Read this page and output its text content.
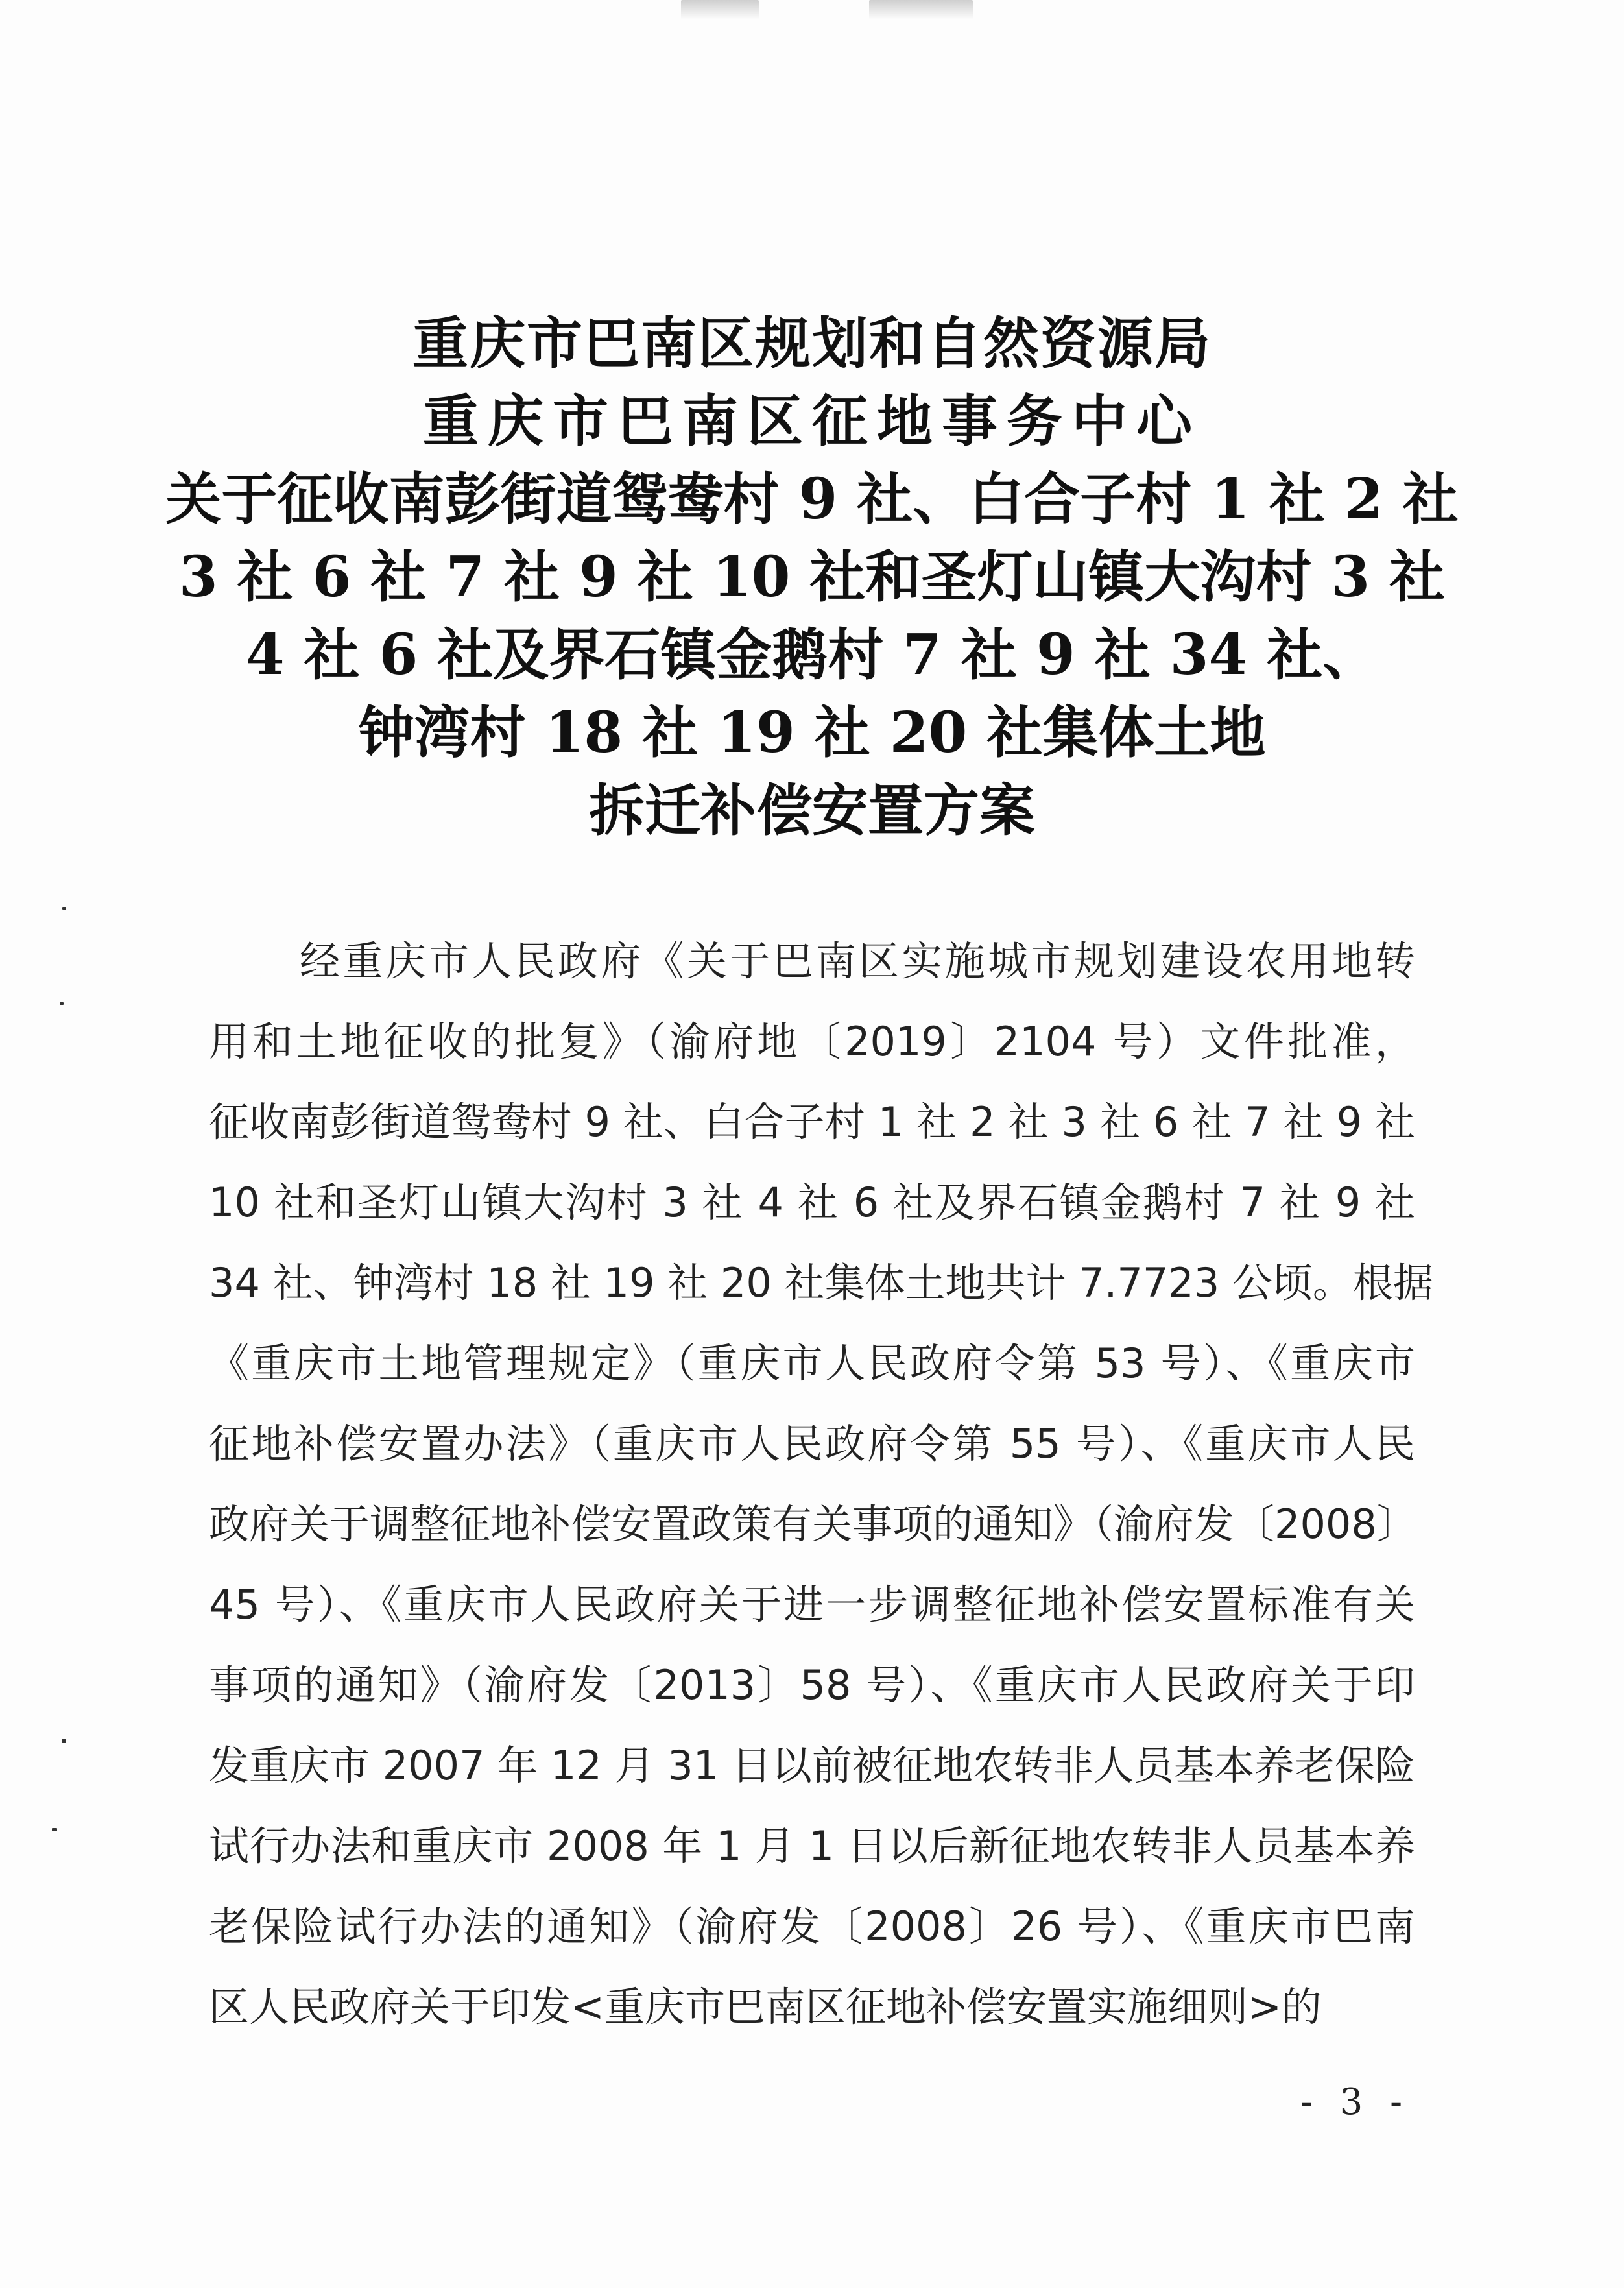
重庆市巴南区规划和自然资源局
重庆市巴南区征地事务中心
关于征收南彭街道鸳鸯村 9 社、白合子村 1 社 2 社
3 社 6 社 7 社 9 社 10 社和圣灯山镇大沟村 3 社
4 社 6 社及界石镇金鹅村 7 社 9 社 34 社、
钟湾村 18 社 19 社 20 社集体土地
拆迁补偿安置方案
经重庆市人民政府《关于巴南区实施城市规划建设农用地转
用和土地征收的批复》（渝府地〔2019〕2104 号）文件批准，
征收南彭街道鸳鸯村 9 社、白合子村 1 社 2 社 3 社 6 社 7 社 9 社
10 社和圣灯山镇大沟村 3 社 4 社 6 社及界石镇金鹅村 7 社 9 社
34 社、钟湾村 18 社 19 社 20 社集体土地共计 7.7723 公顷。根据
《重庆市土地管理规定》（重庆市人民政府令第 53 号）、《重庆市
征地补偿安置办法》（重庆市人民政府令第 55 号）、《重庆市人民
政府关于调整征地补偿安置政策有关事项的通知》（渝府发〔2008〕
45 号）、《重庆市人民政府关于进一步调整征地补偿安置标准有关
事项的通知》（渝府发〔2013〕58 号）、《重庆市人民政府关于印
发重庆市 2007 年 12 月 31 日以前被征地农转非人员基本养老保险
试行办法和重庆市 2008 年 1 月 1 日以后新征地农转非人员基本养
老保险试行办法的通知》（渝府发〔2008〕26 号）、《重庆市巴南
区人民政府关于印发<重庆市巴南区征地补偿安置实施细则>的
- 3 -
